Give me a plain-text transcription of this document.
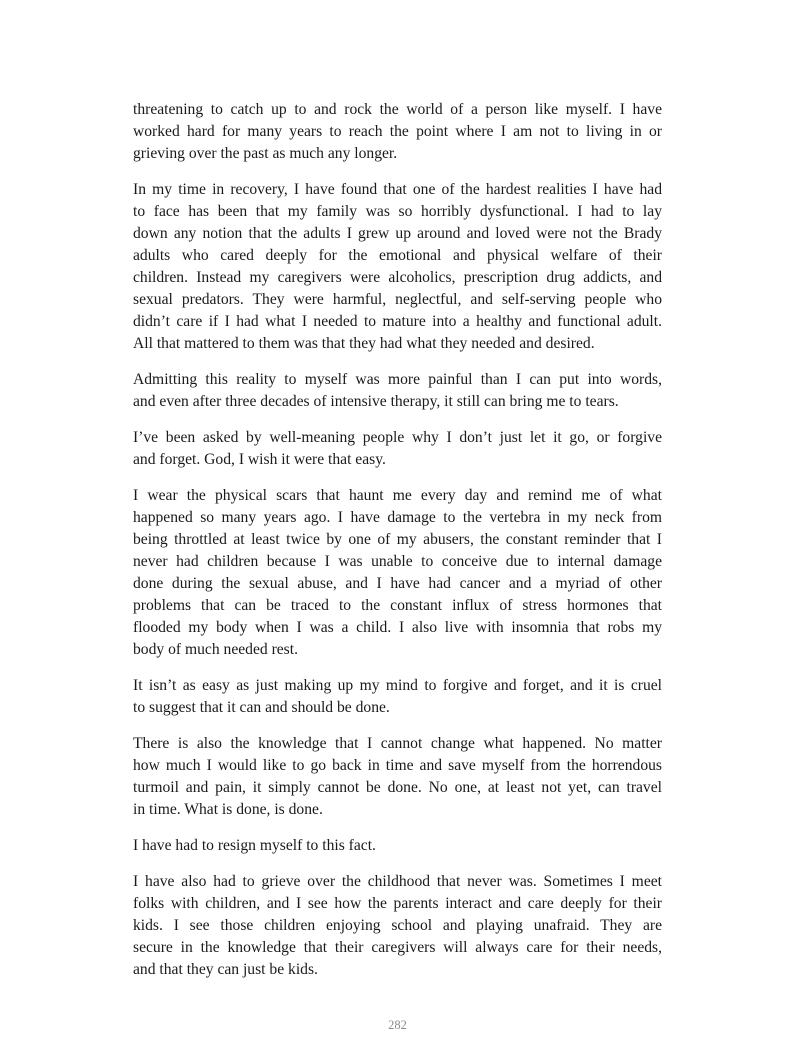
threatening to catch up to and rock the world of a person like myself. I have
worked hard for many years to reach the point where I am not to living in or
grieving over the past as much any longer.

In my time in recovery, I have found that one of the hardest realities I have had
to face has been that my family was so horribly dysfunctional. I had to lay
down any notion that the adults I grew up around and loved were not the Brady
adults who cared deeply for the emotional and physical welfare of their
children. Instead my caregivers were alcoholics, prescription drug addicts, and
sexual predators. They were harmful, neglectful, and self-serving people who
didn’t care if I had what I needed to mature into a healthy and functional adult.
All that mattered to them was that they had what they needed and desired.

Admitting this reality to myself was more painful than I can put into words,
and even after three decades of intensive therapy, it still can bring me to tears.

I’ve been asked by well-meaning people why I don’t just let it go, or forgive
and forget. God, I wish it were that easy.

I wear the physical scars that haunt me every day and remind me of what
happened so many years ago. I have damage to the vertebra in my neck from
being throttled at least twice by one of my abusers, the constant reminder that I
never had children because I was unable to conceive due to internal damage
done during the sexual abuse, and I have had cancer and a myriad of other
problems that can be traced to the constant influx of stress hormones that
flooded my body when I was a child. I also live with insomnia that robs my
body of much needed rest.

It isn’t as easy as just making up my mind to forgive and forget, and it is cruel
to suggest that it can and should be done.

There is also the knowledge that I cannot change what happened. No matter
how much I would like to go back in time and save myself from the horrendous
turmoil and pain, it simply cannot be done. No one, at least not yet, can travel
in time. What is done, is done.

I have had to resign myself to this fact.

I have also had to grieve over the childhood that never was. Sometimes I meet
folks with children, and I see how the parents interact and care deeply for their
kids. I see those children enjoying school and playing unafraid. They are
secure in the knowledge that their caregivers will always care for their needs,
and that they can just be kids.

282
